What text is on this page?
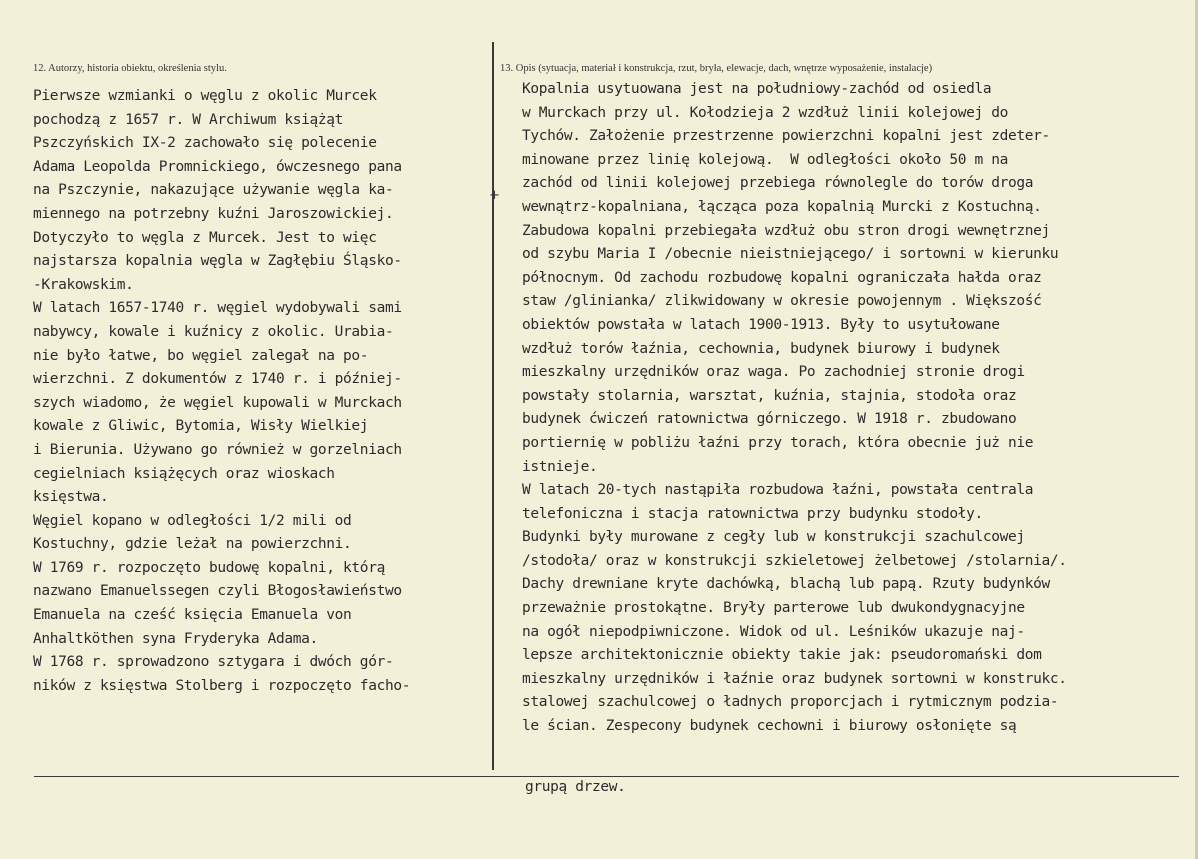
12. Autorzy, historia obiektu, określenia stylu.	13. Opis (sytuacja, materiał i konstrukcja, rzut, bryła, elewacje, dach, wnętrze wyposażenie, instalacje)
+
Pierwsze wzmianki o węglu z okolic Murcek
pochodzą z 1657 r. W Archiwum książąt
Pszczyńskich IX-2 zachowało się polecenie
Adama Leopolda Promnickiego, ówczesnego pana
na Pszczynie, nakazujące używanie węgla ka-
miennego na potrzebny kuźni Jaroszowickiej.
Dotyczyło to węgla z Murcek. Jest to więc
najstarsza kopalnia węgla w Zagłębiu Śląsko-
-Krakowskim.
W latach 1657-1740 r. węgiel wydobywali sami
nabywcy, kowale i kuźnicy z okolic. Urabia-
nie było łatwe, bo węgiel zalegał na po-
wierzchni. Z dokumentów z 1740 r. i później-
szych wiadomo, że węgiel kupowali w Murckach
kowale z Gliwic, Bytomia, Wisły Wielkiej
i Bierunia. Używano go również w gorzelniach
cegielniach książęcych oraz wioskach
księstwa.
Węgiel kopano w odległości 1/2 mili od
Kostuchny, gdzie leżał na powierzchni.
W 1769 r. rozpoczęto budowę kopalni, którą
nazwano Emanuelssegen czyli Błogosławieństwo
Emanuela na cześć księcia Emanuela von
Anhaltköthen syna Fryderyka Adama.
W 1768 r. sprowadzono sztygara i dwóch gór-
ników z księstwa Stolberg i rozpoczęto facho-
Kopalnia usytuowana jest na południowy-zachód od osiedla
w Murckach przy ul. Kołodzieja 2 wzdłuż linii kolejowej do
Tychów. Założenie przestrzenne powierzchni kopalni jest zdeter-
minowane przez linię kolejową.  W odległości około 50 m na
zachód od linii kolejowej przebiega równolegle do torów droga
wewnątrz-kopalniana, łącząca poza kopalnią Murcki z Kostuchną.
Zabudowa kopalni przebiegała wzdłuż obu stron drogi wewnętrznej
od szybu Maria I /obecnie nieistniejącego/ i sortowni w kierunku
północnym. Od zachodu rozbudowę kopalni ograniczała hałda oraz
staw /glinianka/ zlikwidowany w okresie powojennym . Większość
obiektów powstała w latach 1900-1913. Były to usytułowane
wzdłuż torów łaźnia, cechownia, budynek biurowy i budynek
mieszkalny urzędników oraz waga. Po zachodniej stronie drogi
powstały stolarnia, warsztat, kuźnia, stajnia, stodoła oraz
budynek ćwiczeń ratownictwa górniczego. W 1918 r. zbudowano
portiernię w pobliżu łaźni przy torach, która obecnie już nie
istnieje.
W latach 20-tych nastąpiła rozbudowa łaźni, powstała centrala
telefoniczna i stacja ratownictwa przy budynku stodoły.
Budynki były murowane z cegły lub w konstrukcji szachulcowej
/stodoła/ oraz w konstrukcji szkieletowej żelbetowej /stolarnia/.
Dachy drewniane kryte dachówką, blachą lub papą. Rzuty budynków
przeważnie prostokątne. Bryły parterowe lub dwukondygnacyjne
na ogół niepodpiwniczone. Widok od ul. Leśników ukazuje naj-
lepsze architektonicznie obiekty takie jak: pseudoromański dom
mieszkalny urzędników i łaźnie oraz budynek sortowni w konstrukc.
stalowej szachulcowej o ładnych proporcjach i rytmicznym podzia-
le ścian. Zespecony budynek cechowni i biurowy osłonięte są
grupą drzew.
